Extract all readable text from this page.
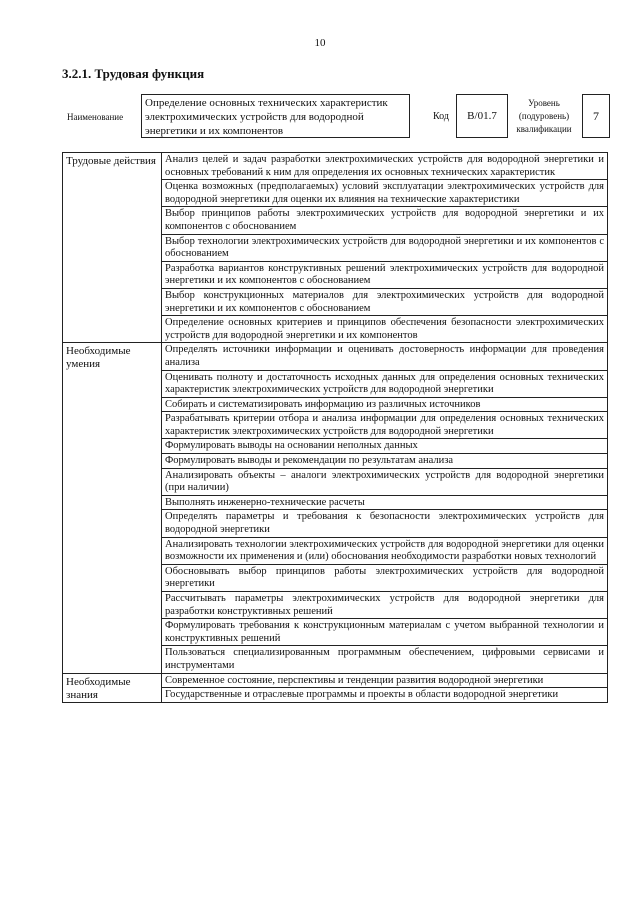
10
3.2.1. Трудовая функция
Наименование
Определение основных технических характеристик электрохимических устройств для водородной энергетики и их компонентов
Код	B/01.7
Уровень (подуровень) квалификации
7
Трудовые действия	Анализ целей и задач разработки электрохимических устройств для водородной энергетики и основных требований к ним для определения их основных технических характеристик
	Оценка возможных (предполагаемых) условий эксплуатации электрохимических устройств для водородной энергетики для оценки их влияния на технические характеристики
	Выбор принципов работы электрохимических устройств для водородной энергетики и их компонентов с обоснованием
	Выбор технологии электрохимических устройств для водородной энергетики и их компонентов с обоснованием
	Разработка вариантов конструктивных решений электрохимических устройств для водородной энергетики и их компонентов с обоснованием
	Выбор конструкционных материалов для электрохимических устройств для водородной энергетики и их компонентов с обоснованием
	Определение основных критериев и принципов обеспечения безопасности электрохимических устройств для водородной энергетики и их компонентов
Необходимые умения	Определять источники информации и оценивать достоверность информации для проведения анализа
	Оценивать полноту и достаточность исходных данных для определения основных технических характеристик электрохимических устройств для водородной энергетики
	Собирать и систематизировать информацию из различных источников
	Разрабатывать критерии отбора и анализа информации для определения основных технических характеристик электрохимических устройств для водородной энергетики
	Формулировать выводы на основании неполных данных
	Формулировать выводы и рекомендации по результатам анализа
	Анализировать объекты – аналоги электрохимических устройств для водородной энергетики (при наличии)
	Выполнять инженерно-технические расчеты
	Определять параметры и требования к безопасности электрохимических устройств для водородной энергетики
	Анализировать технологии электрохимических устройств для водородной энергетики для оценки возможности их применения и (или) обоснования необходимости разработки новых технологий
	Обосновывать выбор принципов работы электрохимических устройств для водородной энергетики
	Рассчитывать параметры электрохимических устройств для водородной энергетики для разработки конструктивных решений
	Формулировать требования к конструкционным материалам с учетом выбранной технологии и конструктивных решений
	Пользоваться специализированным программным обеспечением, цифровыми сервисами и инструментами
Необходимые знания	Современное состояние, перспективы и тенденции развития водородной энергетики
	Государственные и отраслевые программы и проекты в области водородной энергетики
